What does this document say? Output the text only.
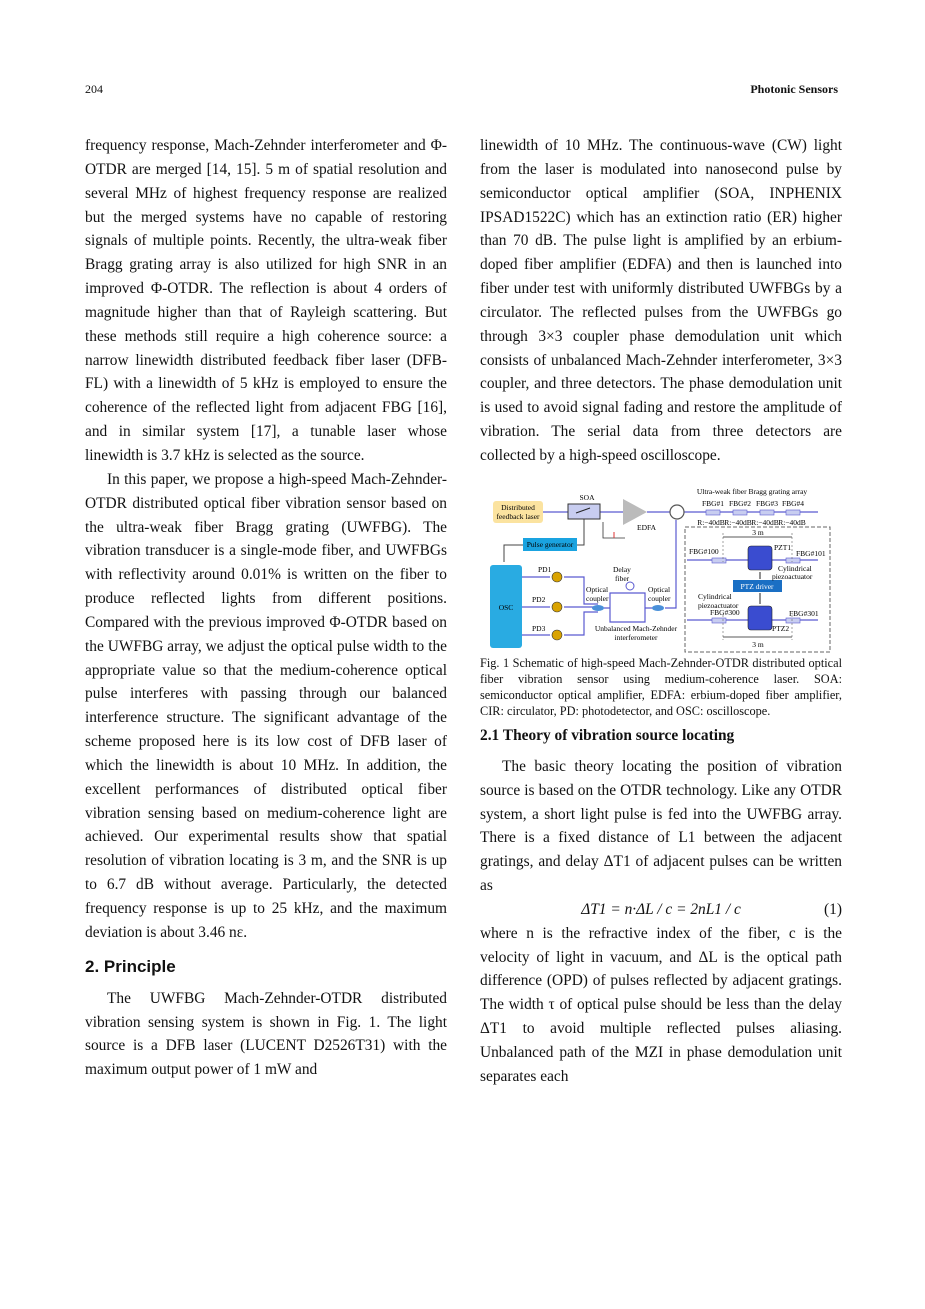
204	Photonic Sensors

frequency response, Mach-Zehnder interferometer and Φ-OTDR are merged [14, 15]. 5 m of spatial resolution and several MHz of highest frequency response are realized but the merged systems have no capable of restoring signals of multiple points. Recently, the ultra-weak fiber Bragg grating array is also utilized for high SNR in an improved Φ-OTDR. The reflection is about 4 orders of magnitude higher than that of Rayleigh scattering. But these methods still require a high coherence source: a narrow linewidth distributed feedback fiber laser (DFB-FL) with a linewidth of 5 kHz is employed to ensure the coherence of the reflected light from adjacent FBG [16], and in similar system [17], a tunable laser whose linewidth is 3.7 kHz is selected as the source.

In this paper, we propose a high-speed Mach-Zehnder-OTDR distributed optical fiber vibration sensor based on the ultra-weak fiber Bragg grating (UWFBG). The vibration transducer is a single-mode fiber, and UWFBGs with reflectivity around 0.01% is written on the fiber to produce reflected lights from different positions. Compared with the previous improved Φ-OTDR based on the UWFBG array, we adjust the optical pulse width to the appropriate value so that the medium-coherence optical pulse interferes with passing through our balanced interference structure. The significant advantage of the scheme proposed here is its low cost of DFB laser of which the linewidth is about 10 MHz. In addition, the excellent performances of distributed optical fiber vibration sensing based on medium-coherence light are achieved. Our experimental results show that spatial resolution of vibration locating is 3 m, and the SNR is up to 6.7 dB without average. Particularly, the detected frequency response is up to 25 kHz, and the maximum deviation is about 3.46 nε.

2. Principle

The UWFBG Mach-Zehnder-OTDR distributed vibration sensing system is shown in Fig. 1. The light source is a DFB laser (LUCENT D2526T31) with the maximum output power of 1 mW and

linewidth of 10 MHz. The continuous-wave (CW) light from the laser is modulated into nanosecond pulse by semiconductor optical amplifier (SOA, INPHENIX IPSAD1522C) which has an extinction ratio (ER) higher than 70 dB. The pulse light is amplified by an erbium-doped fiber amplifier (EDFA) and then is launched into fiber under test with uniformly distributed UWFBGs by a circulator. The reflected pulses from the UWFBGs go through 3×3 coupler phase demodulation unit which consists of unbalanced Mach-Zehnder interferometer, 3×3 coupler, and three detectors. The phase demodulation unit is used to avoid signal fading and restore the amplitude of vibration. The serial data from three detectors are collected by a high-speed oscilloscope.

Distributed
feedback laser
SOA
EDFA
Ultra-weak fiber Bragg grating array
FBG#1 FBG#2 FBG#3 FBG#4
R:−40dB R:−40dB R:−40dB R:−40dB
Pulse generator
OSC
PD1
PD2
PD3
Delay
fiber
Optical
coupler
Optical
coupler
Unbalanced Mach-Zehnder
interferometer
3 m
3 m
PTZ driver
FBG#100	FBG#101
FBG#300	FBG#301
PZT1
PTZ2
Cylindrical
piezoactuator
Cylindrical
piezoactuator

Fig. 1 Schematic of high-speed Mach-Zehnder-OTDR distributed optical fiber vibration sensor using medium-coherence laser. SOA: semiconductor optical amplifier, EDFA: erbium-doped fiber amplifier, CIR: circulator, PD: photodetector, and OSC: oscilloscope.

2.1 Theory of vibration source locating

The basic theory locating the position of vibration source is based on the OTDR technology. Like any OTDR system, a short light pulse is fed into the UWFBG array. There is a fixed distance of L1 between the adjacent gratings, and delay ΔT1 of adjacent pulses can be written as

ΔT1 = n·ΔL / c = 2nL1 / c	(1)

where n is the refractive index of the fiber, c is the velocity of light in vacuum, and ΔL is the optical path difference (OPD) of pulses reflected by adjacent gratings. The width τ of optical pulse should be less than the delay ΔT1 to avoid multiple reflected pulses aliasing. Unbalanced path of the MZI in phase demodulation unit separates each
